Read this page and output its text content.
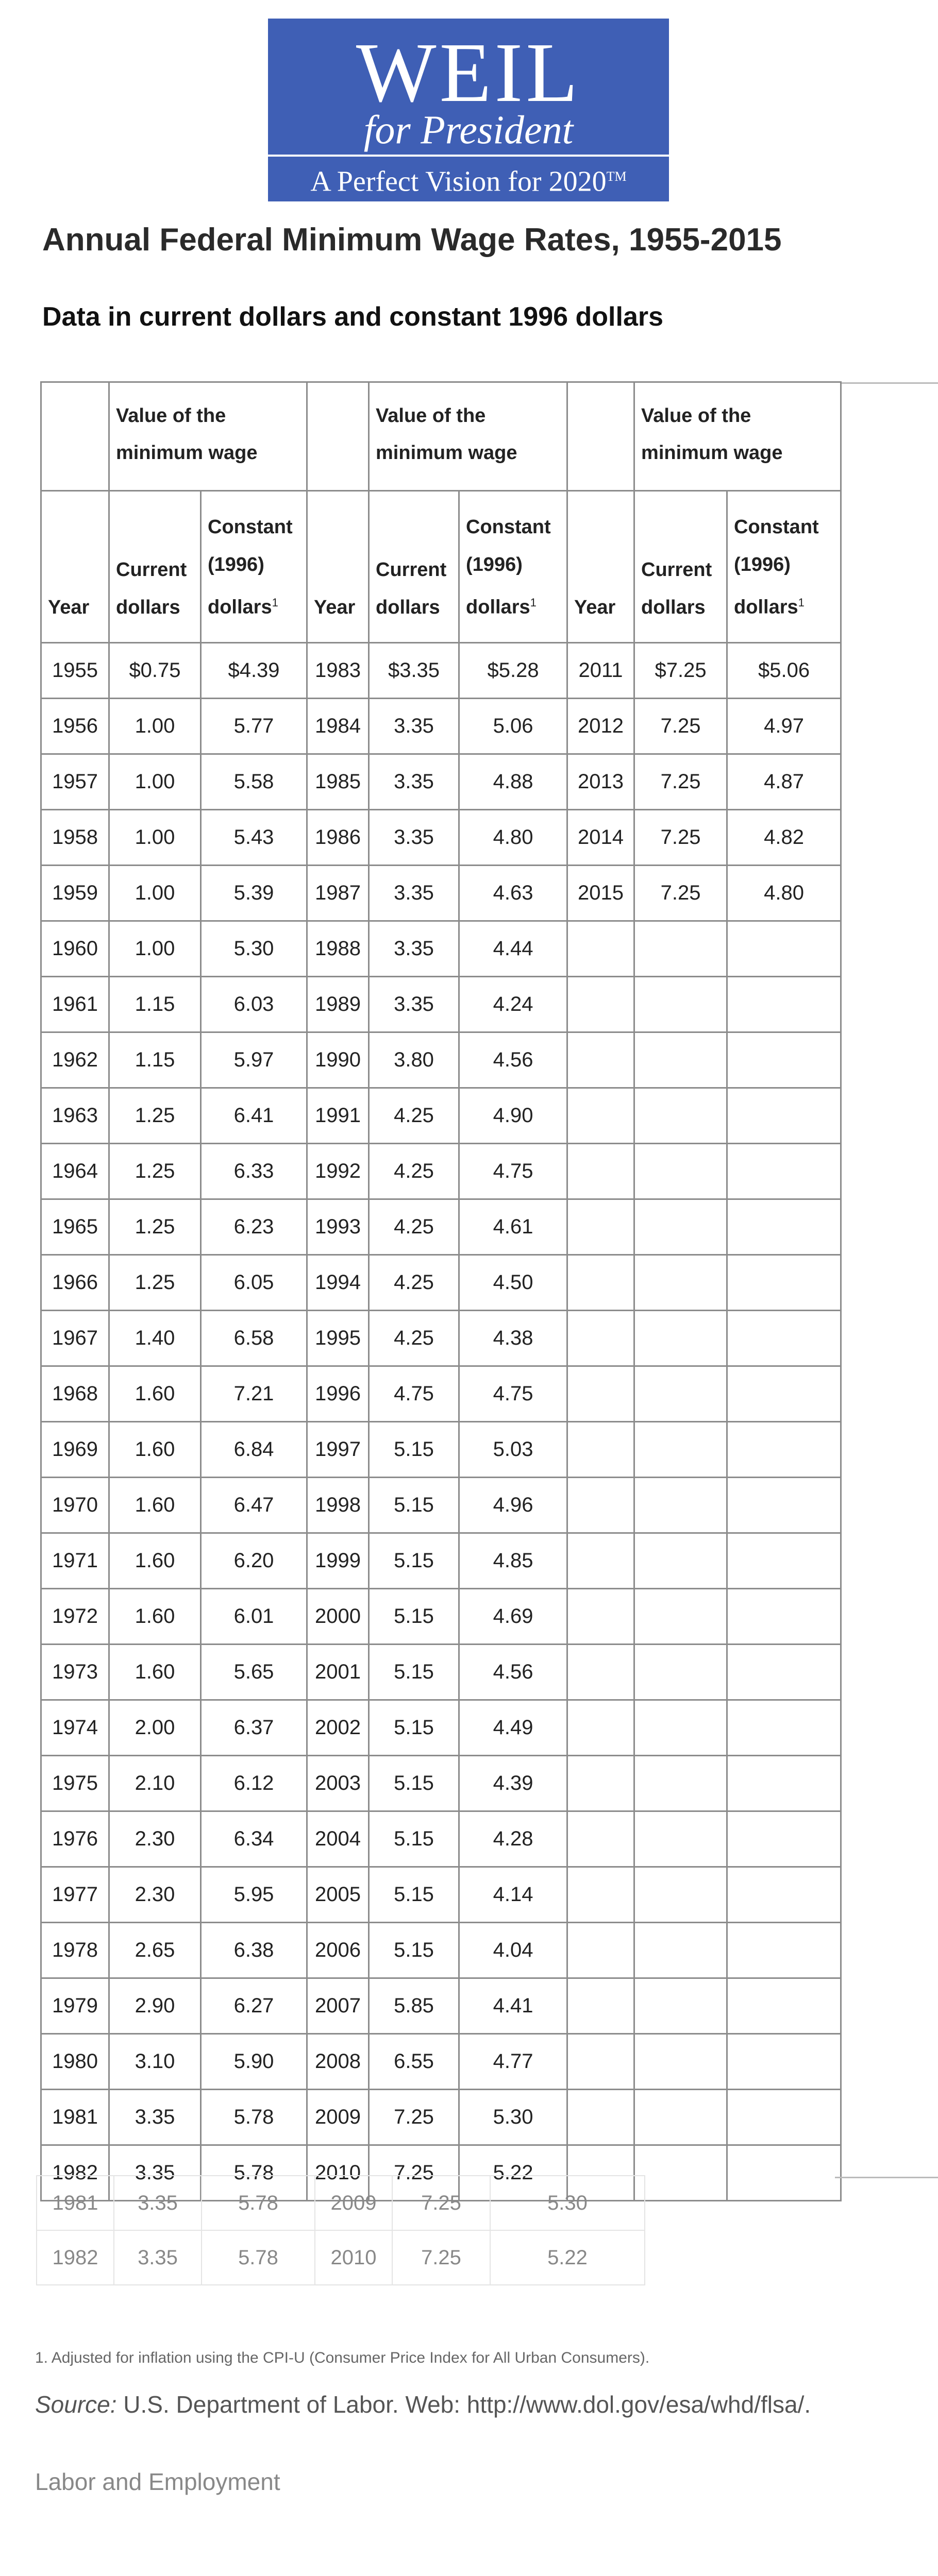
WEIL
for President
A Perfect Vision for 2020™
Annual Federal Minimum Wage Rates, 1955-2015
Data in current dollars and constant 1996 dollars
	Value of the minimum wage			Value of the minimum wage			Value of the minimum wage	
Year	Current dollars	Constant (1996) dollars$^1$	Year	Current dollars	Constant (1996) dollars$^1$	Year	Current dollars	Constant (1996) dollars$^1$
1955	$0.75	$4.39	1983	$3.35	$5.28	2011	$7.25	$5.06
1956	1.00	5.77	1984	3.35	5.06	2012	7.25	4.97
1957	1.00	5.58	1985	3.35	4.88	2013	7.25	4.87
1958	1.00	5.43	1986	3.35	4.80	2014	7.25	4.82
1959	1.00	5.39	1987	3.35	4.63	2015	7.25	4.80
1960	1.00	5.30	1988	3.35	4.44			
1961	1.15	6.03	1989	3.35	4.24			
1962	1.15	5.97	1990	3.80	4.56			
1963	1.25	6.41	1991	4.25	4.90			
1964	1.25	6.33	1992	4.25	4.75			
1965	1.25	6.23	1993	4.25	4.61			
1966	1.25	6.05	1994	4.25	4.50			
1967	1.40	6.58	1995	4.25	4.38			
1968	1.60	7.21	1996	4.75	4.75			
1969	1.60	6.84	1997	5.15	5.03			
1970	1.60	6.47	1998	5.15	4.96			
1971	1.60	6.20	1999	5.15	4.85			
1972	1.60	6.01	2000	5.15	4.69			
1973	1.60	5.65	2001	5.15	4.56			
1974	2.00	6.37	2002	5.15	4.49			
1975	2.10	6.12	2003	5.15	4.39			
1976	2.30	6.34	2004	5.15	4.28			
1977	2.30	5.95	2005	5.15	4.14			
1978	2.65	6.38	2006	5.15	4.04			
1979	2.90	6.27	2007	5.85	4.41			
1980	3.10	5.90	2008	6.55	4.77			
1981	3.35	5.78	2009	7.25	5.30			
1982	3.35	5.78	2010	7.25	5.22			
1981	3.35	5.78	2009	7.25	5.30
1982	3.35	5.78	2010	7.25	5.22
1. Adjusted for inflation using the CPI-U (Consumer Price Index for All Urban Consumers).
Source: U.S. Department of Labor. Web: http://www.dol.gov/esa/whd/flsa/.
Labor and Employment
